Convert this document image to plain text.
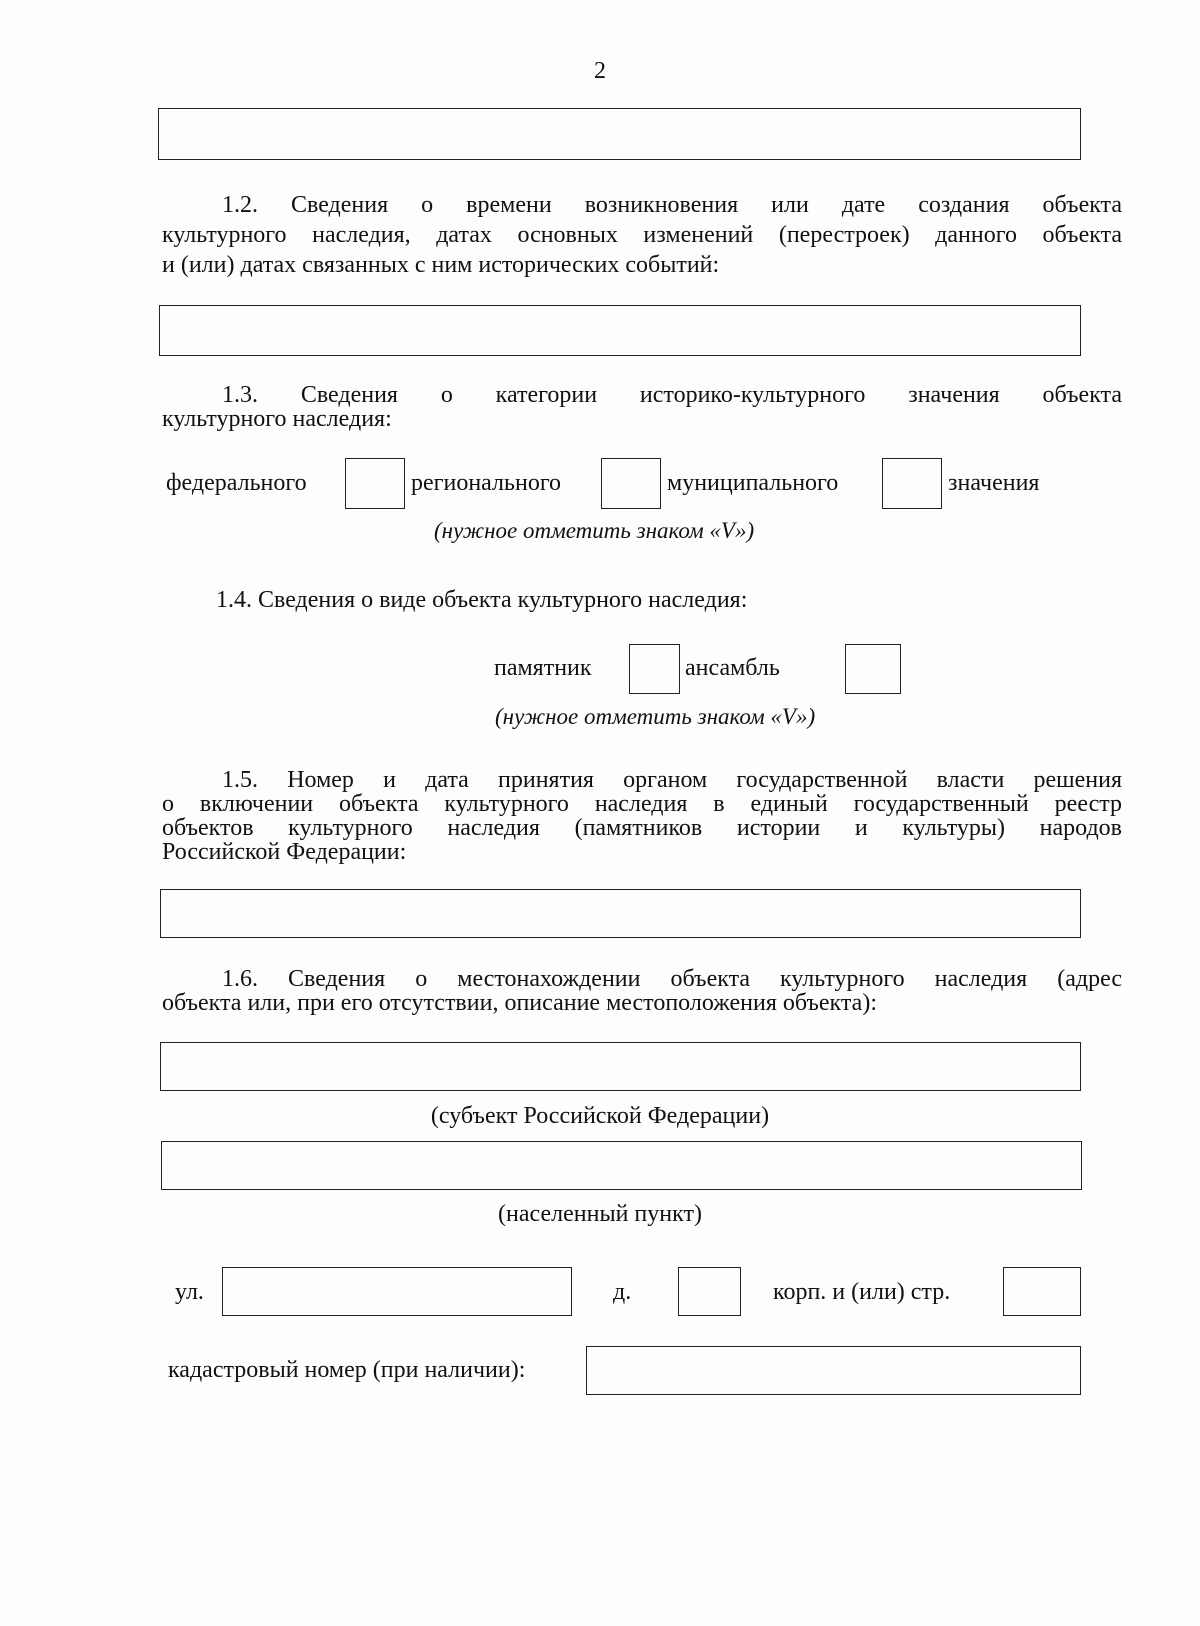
2
1.2. Сведения о времени возникновения или дате создания объекта
культурного наследия, датах основных изменений (перестроек) данного объекта
и (или) датах связанных с ним исторических событий:
1.3. Сведения о категории историко-культурного значения объекта
культурного наследия:
федерального	регионального	муниципального	значения
(нужное отметить знаком «V»)
1.4. Сведения о виде объекта культурного наследия:
памятник	ансамбль
(нужное отметить знаком «V»)
1.5. Номер и дата принятия органом государственной власти решения
о включении объекта культурного наследия в единый государственный реестр
объектов культурного наследия (памятников истории и культуры) народов
Российской Федерации:
1.6. Сведения о местонахождении объекта культурного наследия (адрес
объекта или, при его отсутствии, описание местоположения объекта):
(субъект Российской Федерации)
(населенный пункт)
ул.	д.	корп. и (или) стр.
кадастровый номер (при наличии):
